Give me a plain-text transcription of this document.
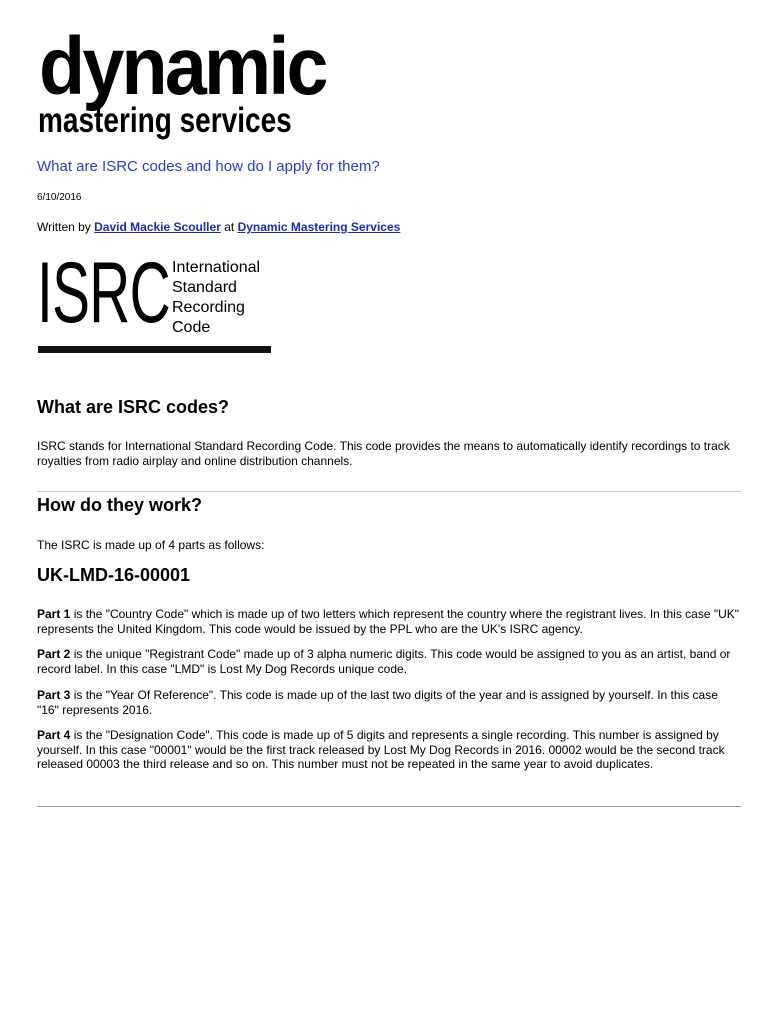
dynamic
mastering services
What are ISRC codes and how do I apply for them?
6/10/2016
Written by David Mackie Scouller at Dynamic Mastering Services
ISRC International
Standard
Recording
Code
What are ISRC codes?

ISRC stands for International Standard Recording Code. This code provides the means to automatically identify recordings to track royalties from radio airplay and online distribution channels.

How do they work?

The ISRC is made up of 4 parts as follows:

UK-LMD-16-00001

Part 1 is the "Country Code" which is made up of two letters which represent the country where the registrant lives. In this case "UK" represents the United Kingdom. This code would be issued by the PPL who are the UK's ISRC agency.

Part 2 is the unique "Registrant Code" made up of 3 alpha numeric digits. This code would be assigned to you as an artist, band or record label. In this case "LMD" is Lost My Dog Records unique code.

Part 3 is the "Year Of Reference". This code is made up of the last two digits of the year and is assigned by yourself. In this case "16" represents 2016.

Part 4 is the "Designation Code". This code is made up of 5 digits and represents a single recording. This number is assigned by yourself. In this case "00001" would be the first track released by Lost My Dog Records in 2016. 00002 would be the second track released 00003 the third release and so on. This number must not be repeated in the same year to avoid duplicates.
